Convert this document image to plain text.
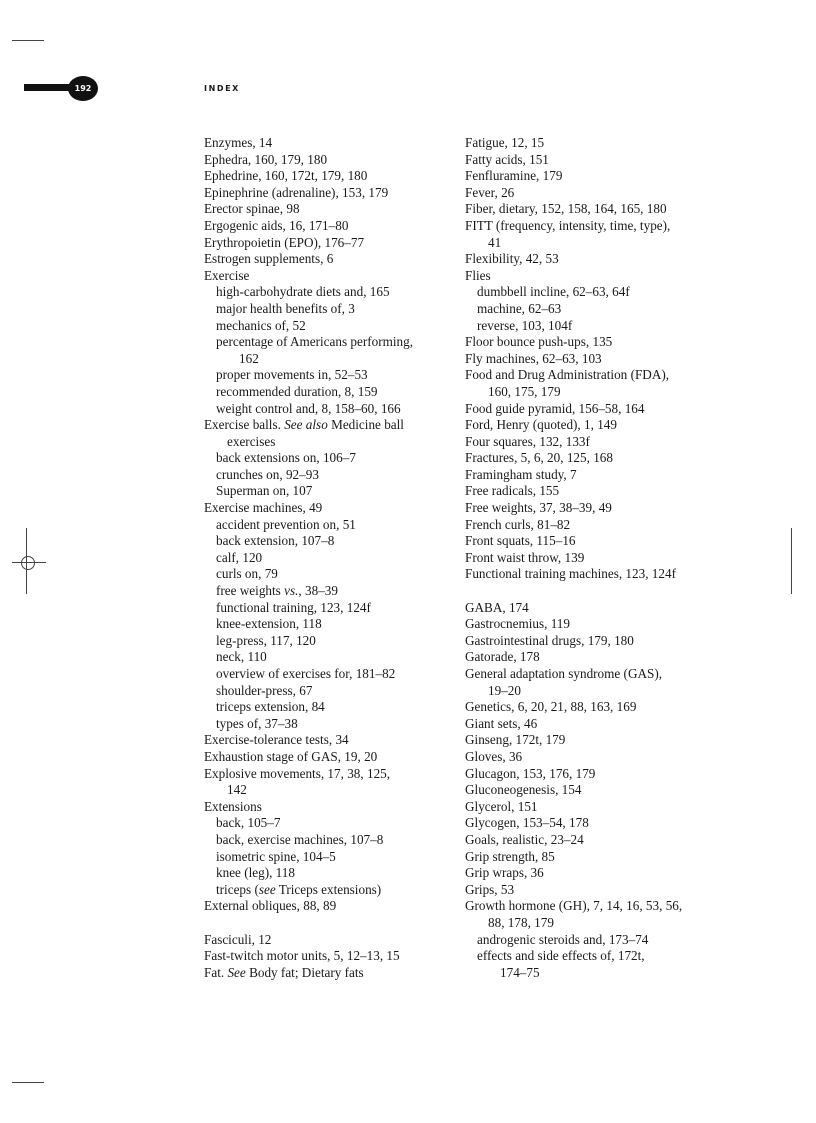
192	INDEX
Enzymes, 14
Ephedra, 160, 179, 180
Ephedrine, 160, 172t, 179, 180
Epinephrine (adrenaline), 153, 179
Erector spinae, 98
Ergogenic aids, 16, 171–80
Erythropoietin (EPO), 176–77
Estrogen supplements, 6
Exercise
high-carbohydrate diets and, 165
major health benefits of, 3
mechanics of, 52
percentage of Americans performing,
162
proper movements in, 52–53
recommended duration, 8, 159
weight control and, 8, 158–60, 166
Exercise balls. See also Medicine ball
exercises
back extensions on, 106–7
crunches on, 92–93
Superman on, 107
Exercise machines, 49
accident prevention on, 51
back extension, 107–8
calf, 120
curls on, 79
free weights vs., 38–39
functional training, 123, 124f
knee-extension, 118
leg-press, 117, 120
neck, 110
overview of exercises for, 181–82
shoulder-press, 67
triceps extension, 84
types of, 37–38
Exercise-tolerance tests, 34
Exhaustion stage of GAS, 19, 20
Explosive movements, 17, 38, 125,
142
Extensions
back, 105–7
back, exercise machines, 107–8
isometric spine, 104–5
knee (leg), 118
triceps (see Triceps extensions)
External obliques, 88, 89
Fasciculi, 12
Fast-twitch motor units, 5, 12–13, 15
Fat. See Body fat; Dietary fats
Fatigue, 12, 15
Fatty acids, 151
Fenfluramine, 179
Fever, 26
Fiber, dietary, 152, 158, 164, 165, 180
FITT (frequency, intensity, time, type),
41
Flexibility, 42, 53
Flies
dumbbell incline, 62–63, 64f
machine, 62–63
reverse, 103, 104f
Floor bounce push-ups, 135
Fly machines, 62–63, 103
Food and Drug Administration (FDA),
160, 175, 179
Food guide pyramid, 156–58, 164
Ford, Henry (quoted), 1, 149
Four squares, 132, 133f
Fractures, 5, 6, 20, 125, 168
Framingham study, 7
Free radicals, 155
Free weights, 37, 38–39, 49
French curls, 81–82
Front squats, 115–16
Front waist throw, 139
Functional training machines, 123, 124f
GABA, 174
Gastrocnemius, 119
Gastrointestinal drugs, 179, 180
Gatorade, 178
General adaptation syndrome (GAS),
19–20
Genetics, 6, 20, 21, 88, 163, 169
Giant sets, 46
Ginseng, 172t, 179
Gloves, 36
Glucagon, 153, 176, 179
Gluconeogenesis, 154
Glycerol, 151
Glycogen, 153–54, 178
Goals, realistic, 23–24
Grip strength, 85
Grip wraps, 36
Grips, 53
Growth hormone (GH), 7, 14, 16, 53, 56,
88, 178, 179
androgenic steroids and, 173–74
effects and side effects of, 172t,
174–75
